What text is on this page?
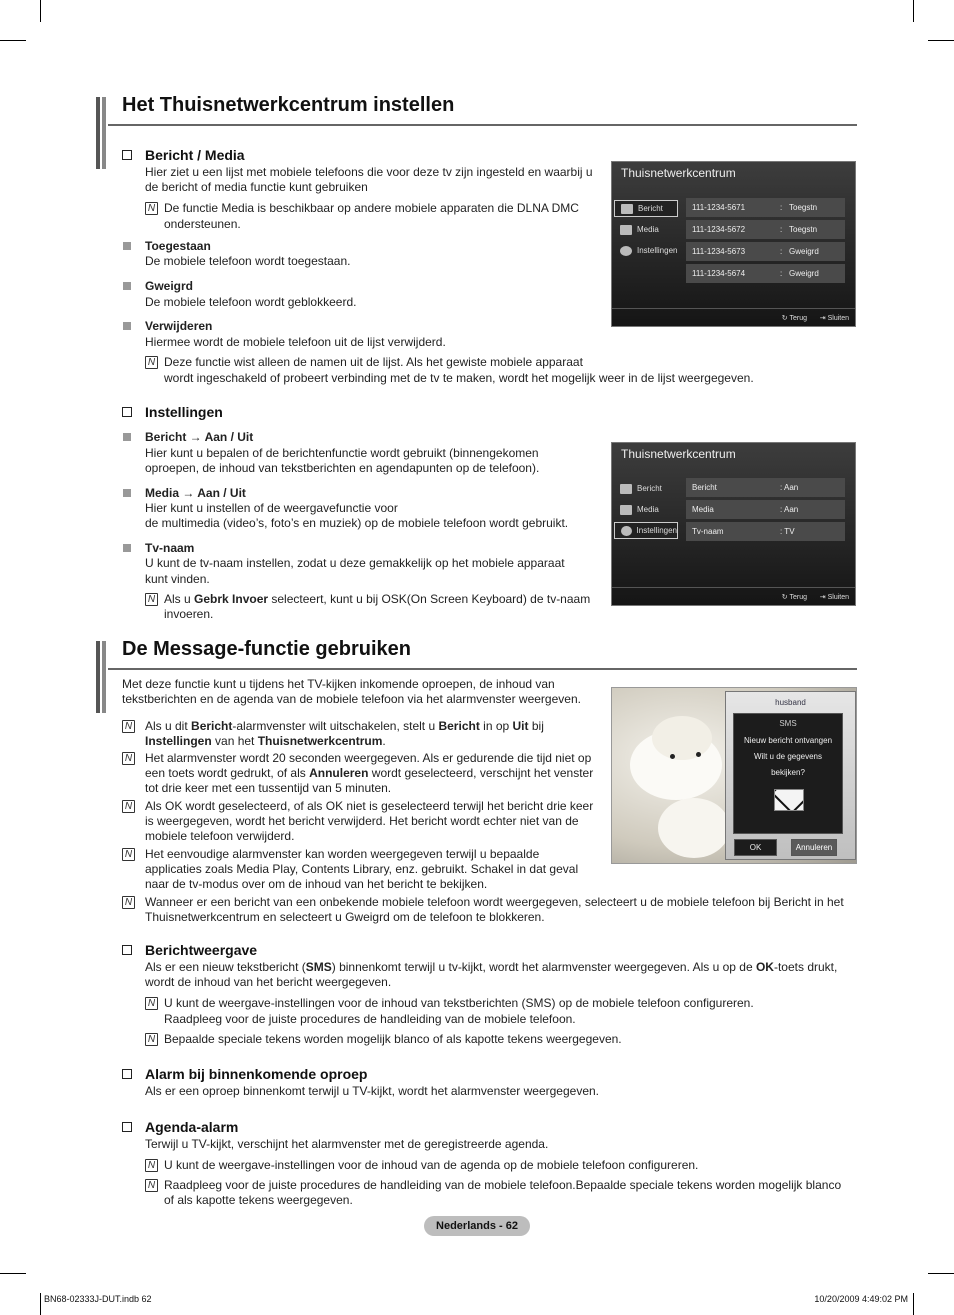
Het Thuisnetwerkcentrum instellen
Bericht / Media
Hier ziet u een lijst met mobiele telefoons die voor deze tv zijn ingesteld en waarbij u
de bericht of media functie kunt gebruiken
N De functie Media is beschikbaar op andere mobiele apparaten die DLNA DMC
ondersteunen.
Toegestaan
De mobiele telefoon wordt toegestaan.
Gweigrd
De mobiele telefoon wordt geblokkeerd.
Verwijderen
Hiermee wordt de mobiele telefoon uit de lijst verwijderd.
N Deze functie wist alleen de namen uit de lijst. Als het gewiste mobiele apparaat
wordt ingeschakeld of probeert verbinding met de tv te maken, wordt het mogelijk weer in de lijst weergegeven.
Thuisnetwerkcentrum
Bericht
Media
Instellingen
111-1234-5671	: Toegstn
111-1234-5672	: Toegstn
111-1234-5673	: Gweigrd
111-1234-5674	: Gweigrd
↻ Terug ⇥ Sluiten
Instellingen
Bericht → Aan / Uit
Hier kunt u bepalen of de berichtenfunctie wordt gebruikt (binnengekomen
oproepen, de inhoud van tekstberichten en agendapunten op de telefoon).
Media → Aan / Uit
Hier kunt u instellen of de weergavefunctie voor
de multimedia (video’s, foto’s en muziek) op de mobiele telefoon wordt gebruikt.
Tv-naam
U kunt de tv-naam instellen, zodat u deze gemakkelijk op het mobiele apparaat
kunt vinden.
N Als u Gebrk Invoer selecteert, kunt u bij OSK(On Screen Keyboard) de tv-naam
invoeren.
Thuisnetwerkcentrum
Bericht
Media
Instellingen
Bericht	: Aan
Media	: Aan
Tv-naam	: TV
↻ Terug ⇥ Sluiten
De Message-functie gebruiken
Met deze functie kunt u tijdens het TV-kijken inkomende oproepen, de inhoud van
tekstberichten en de agenda van de mobiele telefoon via het alarmvenster weergeven.
N Als u dit Bericht-alarmvenster wilt uitschakelen, stelt u Bericht in op Uit bij
Instellingen van het Thuisnetwerkcentrum.
N Het alarmvenster wordt 20 seconden weergegeven. Als er gedurende die tijd niet op
een toets wordt gedrukt, of als Annuleren wordt geselecteerd, verschijnt het venster
tot drie keer met een tussentijd van 5 minuten.
N Als OK wordt geselecteerd, of als OK niet is geselecteerd terwijl het bericht drie keer
is weergegeven, wordt het bericht verwijderd. Het bericht wordt echter niet van de
mobiele telefoon verwijderd.
N Het eenvoudige alarmvenster kan worden weergegeven terwijl u bepaalde
applicaties zoals Media Play, Contents Library, enz. gebruikt. Schakel in dat geval
naar de tv-modus over om de inhoud van het bericht te bekijken.
N Wanneer er een bericht van een onbekende mobiele telefoon wordt weergegeven, selecteert u de mobiele telefoon bij Bericht in het
Thuisnetwerkcentrum en selecteert u Gweigrd om de telefoon te blokkeren.
husband
SMS
Nieuw bericht ontvangen
Wilt u de gegevens
bekijken?
OK	Annuleren
Berichtweergave
Als er een nieuw tekstbericht (SMS) binnenkomt terwijl u tv-kijkt, wordt het alarmvenster weergegeven. Als u op de OK-toets drukt,
wordt de inhoud van het bericht weergegeven.
N U kunt de weergave-instellingen voor de inhoud van tekstberichten (SMS) op de mobiele telefoon configureren.
Raadpleeg voor de juiste procedures de handleiding van de mobiele telefoon.
N Bepaalde speciale tekens worden mogelijk blanco of als kapotte tekens weergegeven.
Alarm bij binnenkomende oproep
Als er een oproep binnenkomt terwijl u TV-kijkt, wordt het alarmvenster weergegeven.
Agenda-alarm
Terwijl u TV-kijkt, verschijnt het alarmvenster met de geregistreerde agenda.
N U kunt de weergave-instellingen voor de inhoud van de agenda op de mobiele telefoon configureren.
N Raadpleeg voor de juiste procedures de handleiding van de mobiele telefoon.Bepaalde speciale tekens worden mogelijk blanco
of als kapotte tekens weergegeven.
Nederlands - 62
BN68-02333J-DUT.indb 62	10/20/2009 4:49:02 PM
